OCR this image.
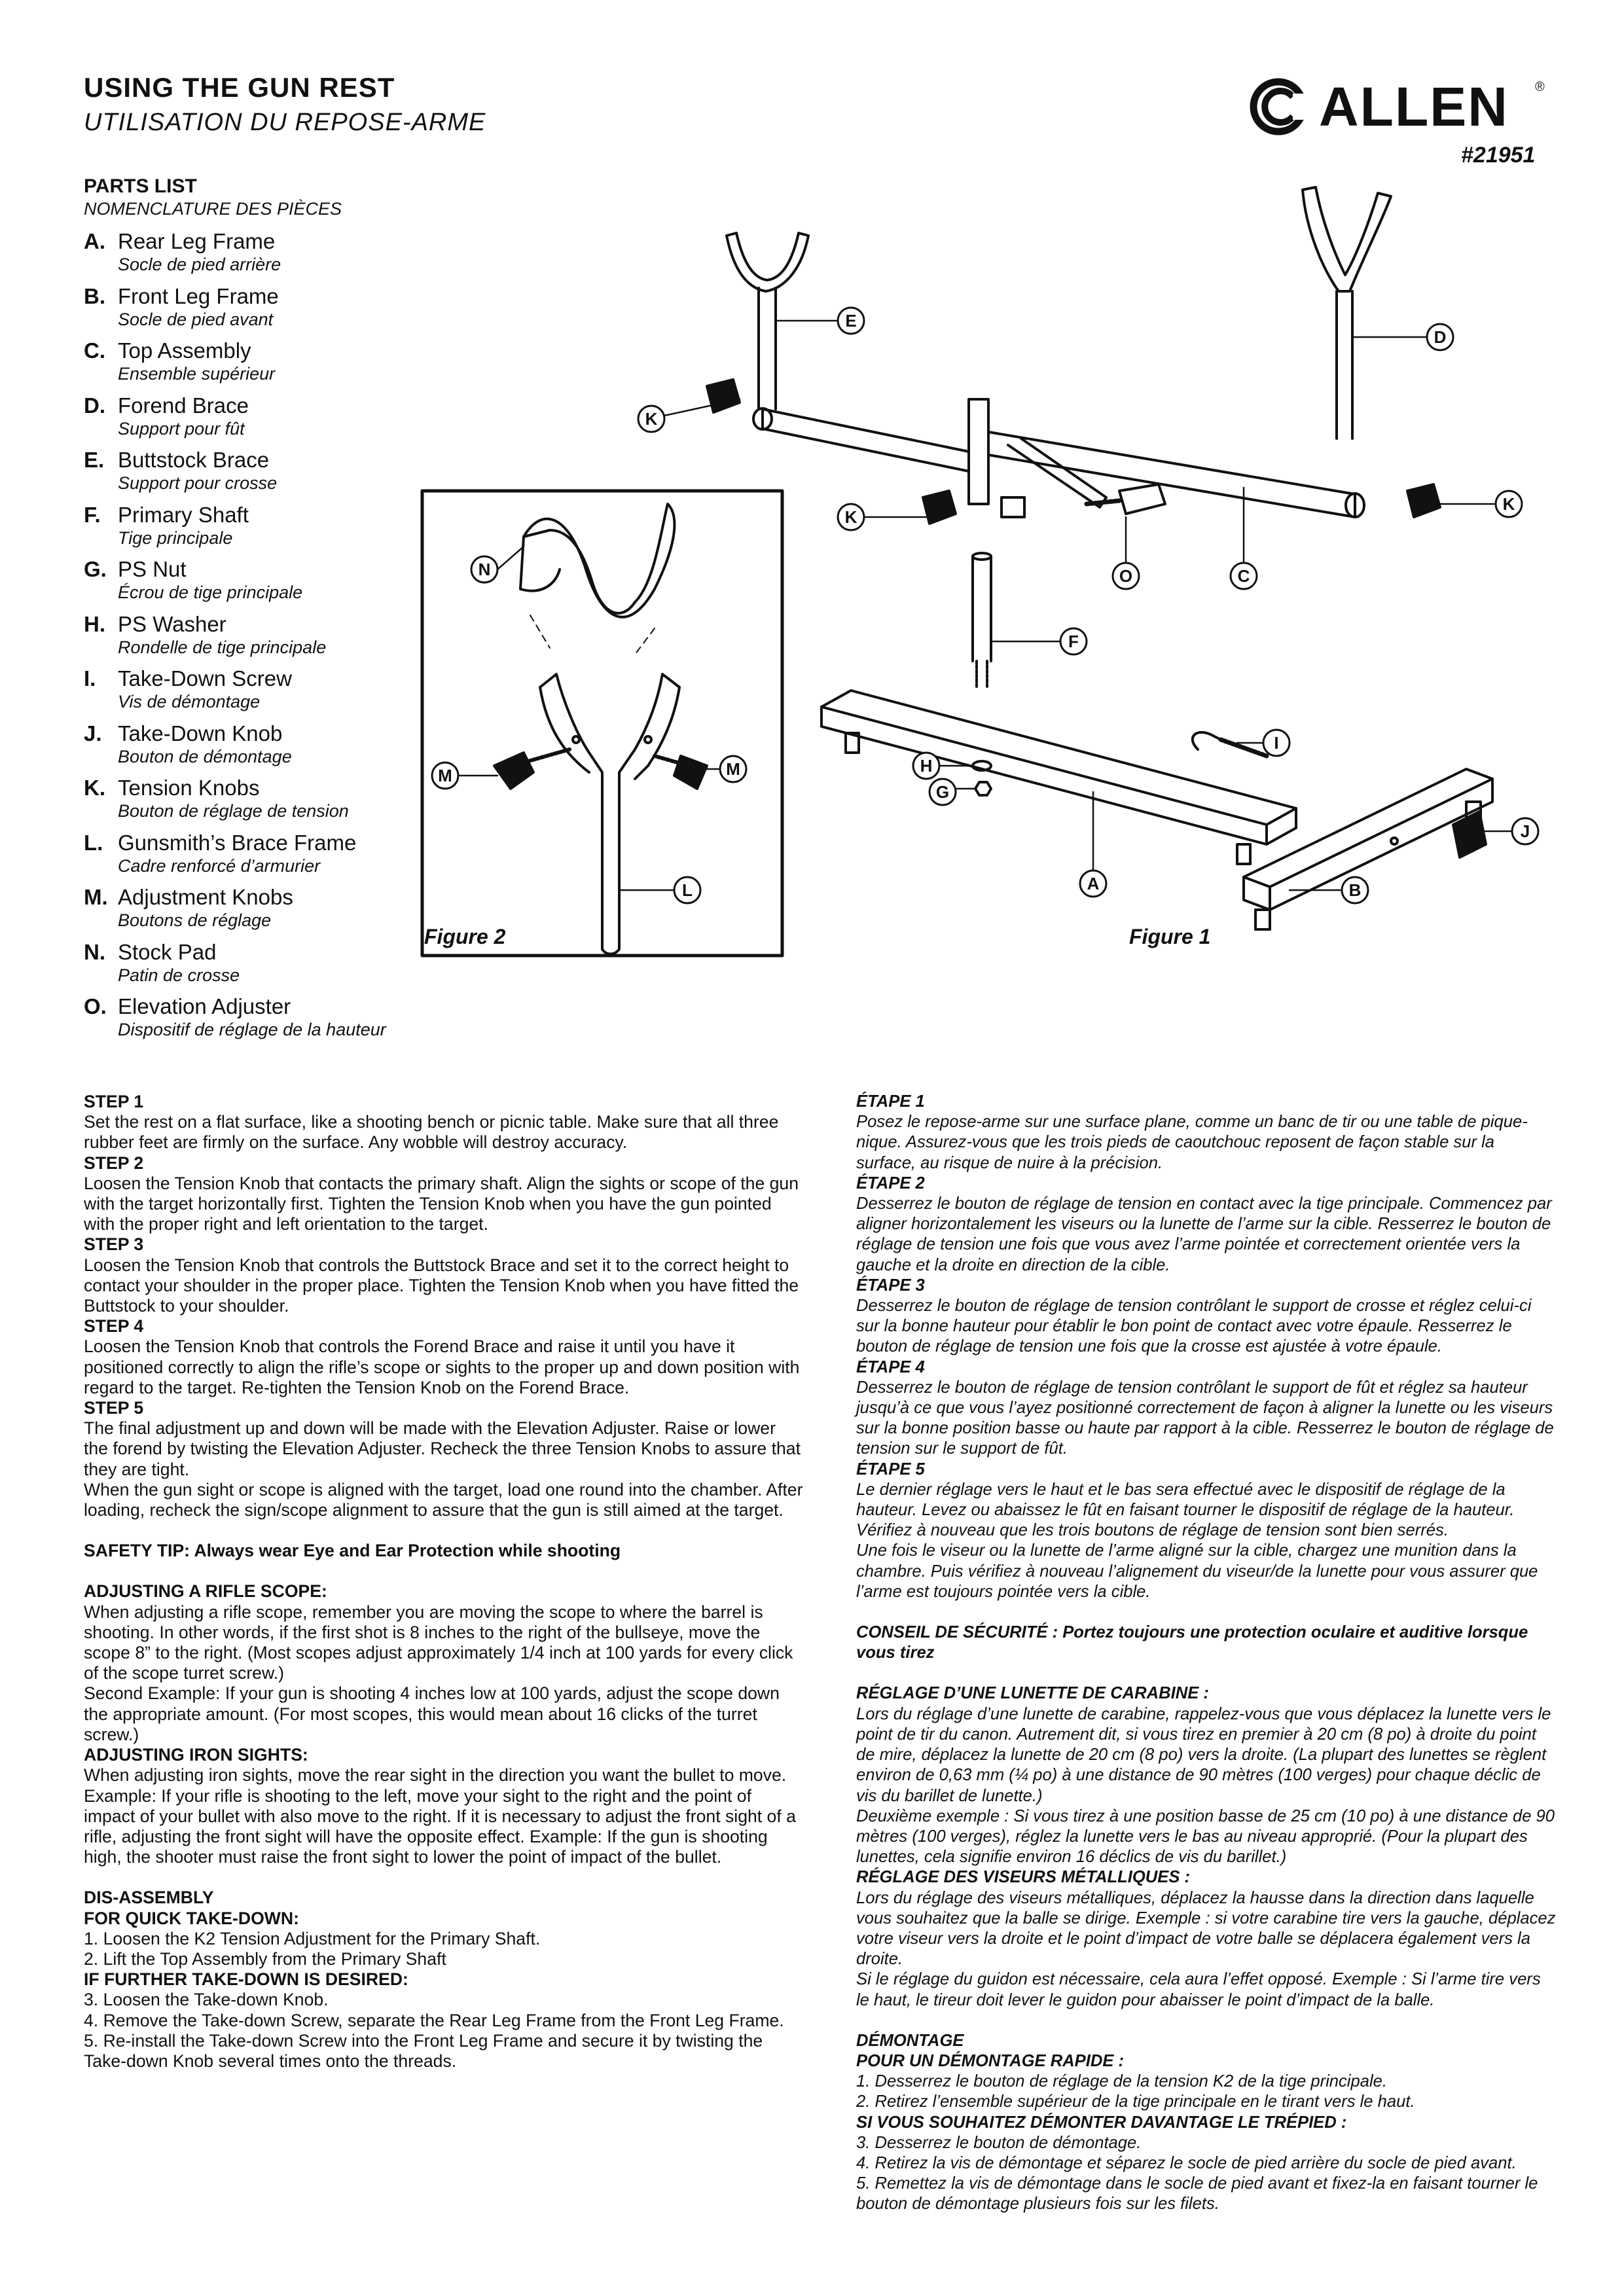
USING THE GUN REST
UTILISATION DU REPOSE-ARME	ALLEN ®
#21951
PARTS LIST
NOMENCLATURE DES PIÈCES
A. Rear Leg Frame
Socle de pied arrière
B. Front Leg Frame
Socle de pied avant
C. Top Assembly
Ensemble supérieur
D. Forend Brace
Support pour fût
E. Buttstock Brace
Support pour crosse
F. Primary Shaft
Tige principale
G. PS Nut
Écrou de tige principale
H. PS Washer
Rondelle de tige principale
I. Take-Down Screw
Vis de démontage
J. Take-Down Knob
Bouton de démontage
K. Tension Knobs
Bouton de réglage de tension
L. Gunsmith’s Brace Frame
Cadre renforcé d’armurier
M. Adjustment Knobs
Boutons de réglage
N. Stock Pad
Patin de crosse
O. Elevation Adjuster
Dispositif de réglage de la hauteur
E
D
K
K
K
O	C
F
I
H
G
A	B
J
L
M	M
N
Figure 2	Figure 1
STEP 1
Set the rest on a flat surface, like a shooting bench or picnic table. Make sure that all three rubber feet are firmly on the surface. Any wobble will destroy accuracy.
STEP 2
Loosen the Tension Knob that contacts the primary shaft. Align the sights or scope of the gun with the target horizontally first. Tighten the Tension Knob when you have the gun pointed with the proper right and left orientation to the target.
STEP 3
Loosen the Tension Knob that controls the Buttstock Brace and set it to the correct height to contact your shoulder in the proper place. Tighten the Tension Knob when you have fitted the Buttstock to your shoulder.
STEP 4
Loosen the Tension Knob that controls the Forend Brace and raise it until you have it positioned correctly to align the rifle’s scope or sights to the proper up and down position with regard to the target. Re-tighten the Tension Knob on the Forend Brace.
STEP 5
The final adjustment up and down will be made with the Elevation Adjuster. Raise or lower the forend by twisting the Elevation Adjuster. Recheck the three Tension Knobs to assure that they are tight.
When the gun sight or scope is aligned with the target, load one round into the chamber. After loading, recheck the sign/scope alignment to assure that the gun is still aimed at the target.
SAFETY TIP: Always wear Eye and Ear Protection while shooting
ADJUSTING A RIFLE SCOPE:
When adjusting a rifle scope, remember you are moving the scope to where the barrel is shooting. In other words, if the first shot is 8 inches to the right of the bullseye, move the scope 8” to the right. (Most scopes adjust approximately 1/4 inch at 100 yards for every click of the scope turret screw.)
Second Example: If your gun is shooting 4 inches low at 100 yards, adjust the scope down the appropriate amount. (For most scopes, this would mean about 16 clicks of the turret screw.)
ADJUSTING IRON SIGHTS:
When adjusting iron sights, move the rear sight in the direction you want the bullet to move. Example: If your rifle is shooting to the left, move your sight to the right and the point of impact of your bullet with also move to the right. If it is necessary to adjust the front sight of a rifle, adjusting the front sight will have the opposite effect. Example: If the gun is shooting high, the shooter must raise the front sight to lower the point of impact of the bullet.
DIS-ASSEMBLY
FOR QUICK TAKE-DOWN:
1. Loosen the K2 Tension Adjustment for the Primary Shaft.
2. Lift the Top Assembly from the Primary Shaft
IF FURTHER TAKE-DOWN IS DESIRED:
3. Loosen the Take-down Knob.
4. Remove the Take-down Screw, separate the Rear Leg Frame from the Front Leg Frame.
5. Re-install the Take-down Screw into the Front Leg Frame and secure it by twisting the Take-down Knob several times onto the threads.
ÉTAPE 1
Posez le repose-arme sur une surface plane, comme un banc de tir ou une table de pique-nique. Assurez-vous que les trois pieds de caoutchouc reposent de façon stable sur la surface, au risque de nuire à la précision.
ÉTAPE 2
Desserrez le bouton de réglage de tension en contact avec la tige principale. Commencez par aligner horizontalement les viseurs ou la lunette de l’arme sur la cible. Resserrez le bouton de réglage de tension une fois que vous avez l’arme pointée et correctement orientée vers la gauche et la droite en direction de la cible.
ÉTAPE 3
Desserrez le bouton de réglage de tension contrôlant le support de crosse et réglez celui-ci sur la bonne hauteur pour établir le bon point de contact avec votre épaule. Resserrez le bouton de réglage de tension une fois que la crosse est ajustée à votre épaule.
ÉTAPE 4
Desserrez le bouton de réglage de tension contrôlant le support de fût et réglez sa hauteur jusqu’à ce que vous l’ayez positionné correctement de façon à aligner la lunette ou les viseurs sur la bonne position basse ou haute par rapport à la cible. Resserrez le bouton de réglage de tension sur le support de fût.
ÉTAPE 5
Le dernier réglage vers le haut et le bas sera effectué avec le dispositif de réglage de la hauteur. Levez ou abaissez le fût en faisant tourner le dispositif de réglage de la hauteur. Vérifiez à nouveau que les trois boutons de réglage de tension sont bien serrés.
Une fois le viseur ou la lunette de l’arme aligné sur la cible, chargez une munition dans la chambre. Puis vérifiez à nouveau l’alignement du viseur/de la lunette pour vous assurer que l’arme est toujours pointée vers la cible.
CONSEIL DE SÉCURITÉ : Portez toujours une protection oculaire et auditive lorsque vous tirez
RÉGLAGE D’UNE LUNETTE DE CARABINE :
Lors du réglage d’une lunette de carabine, rappelez-vous que vous déplacez la lunette vers le point de tir du canon. Autrement dit, si vous tirez en premier à 20 cm (8 po) à droite du point de mire, déplacez la lunette de 20 cm (8 po) vers la droite. (La plupart des lunettes se règlent environ de 0,63 mm (¼ po) à une distance de 90 mètres (100 verges) pour chaque déclic de vis du barillet de lunette.)
Deuxième exemple : Si vous tirez à une position basse de 25 cm (10 po) à une distance de 90 mètres (100 verges), réglez la lunette vers le bas au niveau approprié. (Pour la plupart des lunettes, cela signifie environ 16 déclics de vis du barillet.)
RÉGLAGE DES VISEURS MÉTALLIQUES :
Lors du réglage des viseurs métalliques, déplacez la hausse dans la direction dans laquelle vous souhaitez que la balle se dirige. Exemple : si votre carabine tire vers la gauche, déplacez votre viseur vers la droite et le point d’impact de votre balle se déplacera également vers la droite.
Si le réglage du guidon est nécessaire, cela aura l’effet opposé. Exemple : Si l’arme tire vers le haut, le tireur doit lever le guidon pour abaisser le point d’impact de la balle.
DÉMONTAGE
POUR UN DÉMONTAGE RAPIDE :
1. Desserrez le bouton de réglage de la tension K2 de la tige principale.
2. Retirez l’ensemble supérieur de la tige principale en le tirant vers le haut.
SI VOUS SOUHAITEZ DÉMONTER DAVANTAGE LE TRÉPIED :
3. Desserrez le bouton de démontage.
4. Retirez la vis de démontage et séparez le socle de pied arrière du socle de pied avant.
5. Remettez la vis de démontage dans le socle de pied avant et fixez-la en faisant tourner le bouton de démontage plusieurs fois sur les filets.
